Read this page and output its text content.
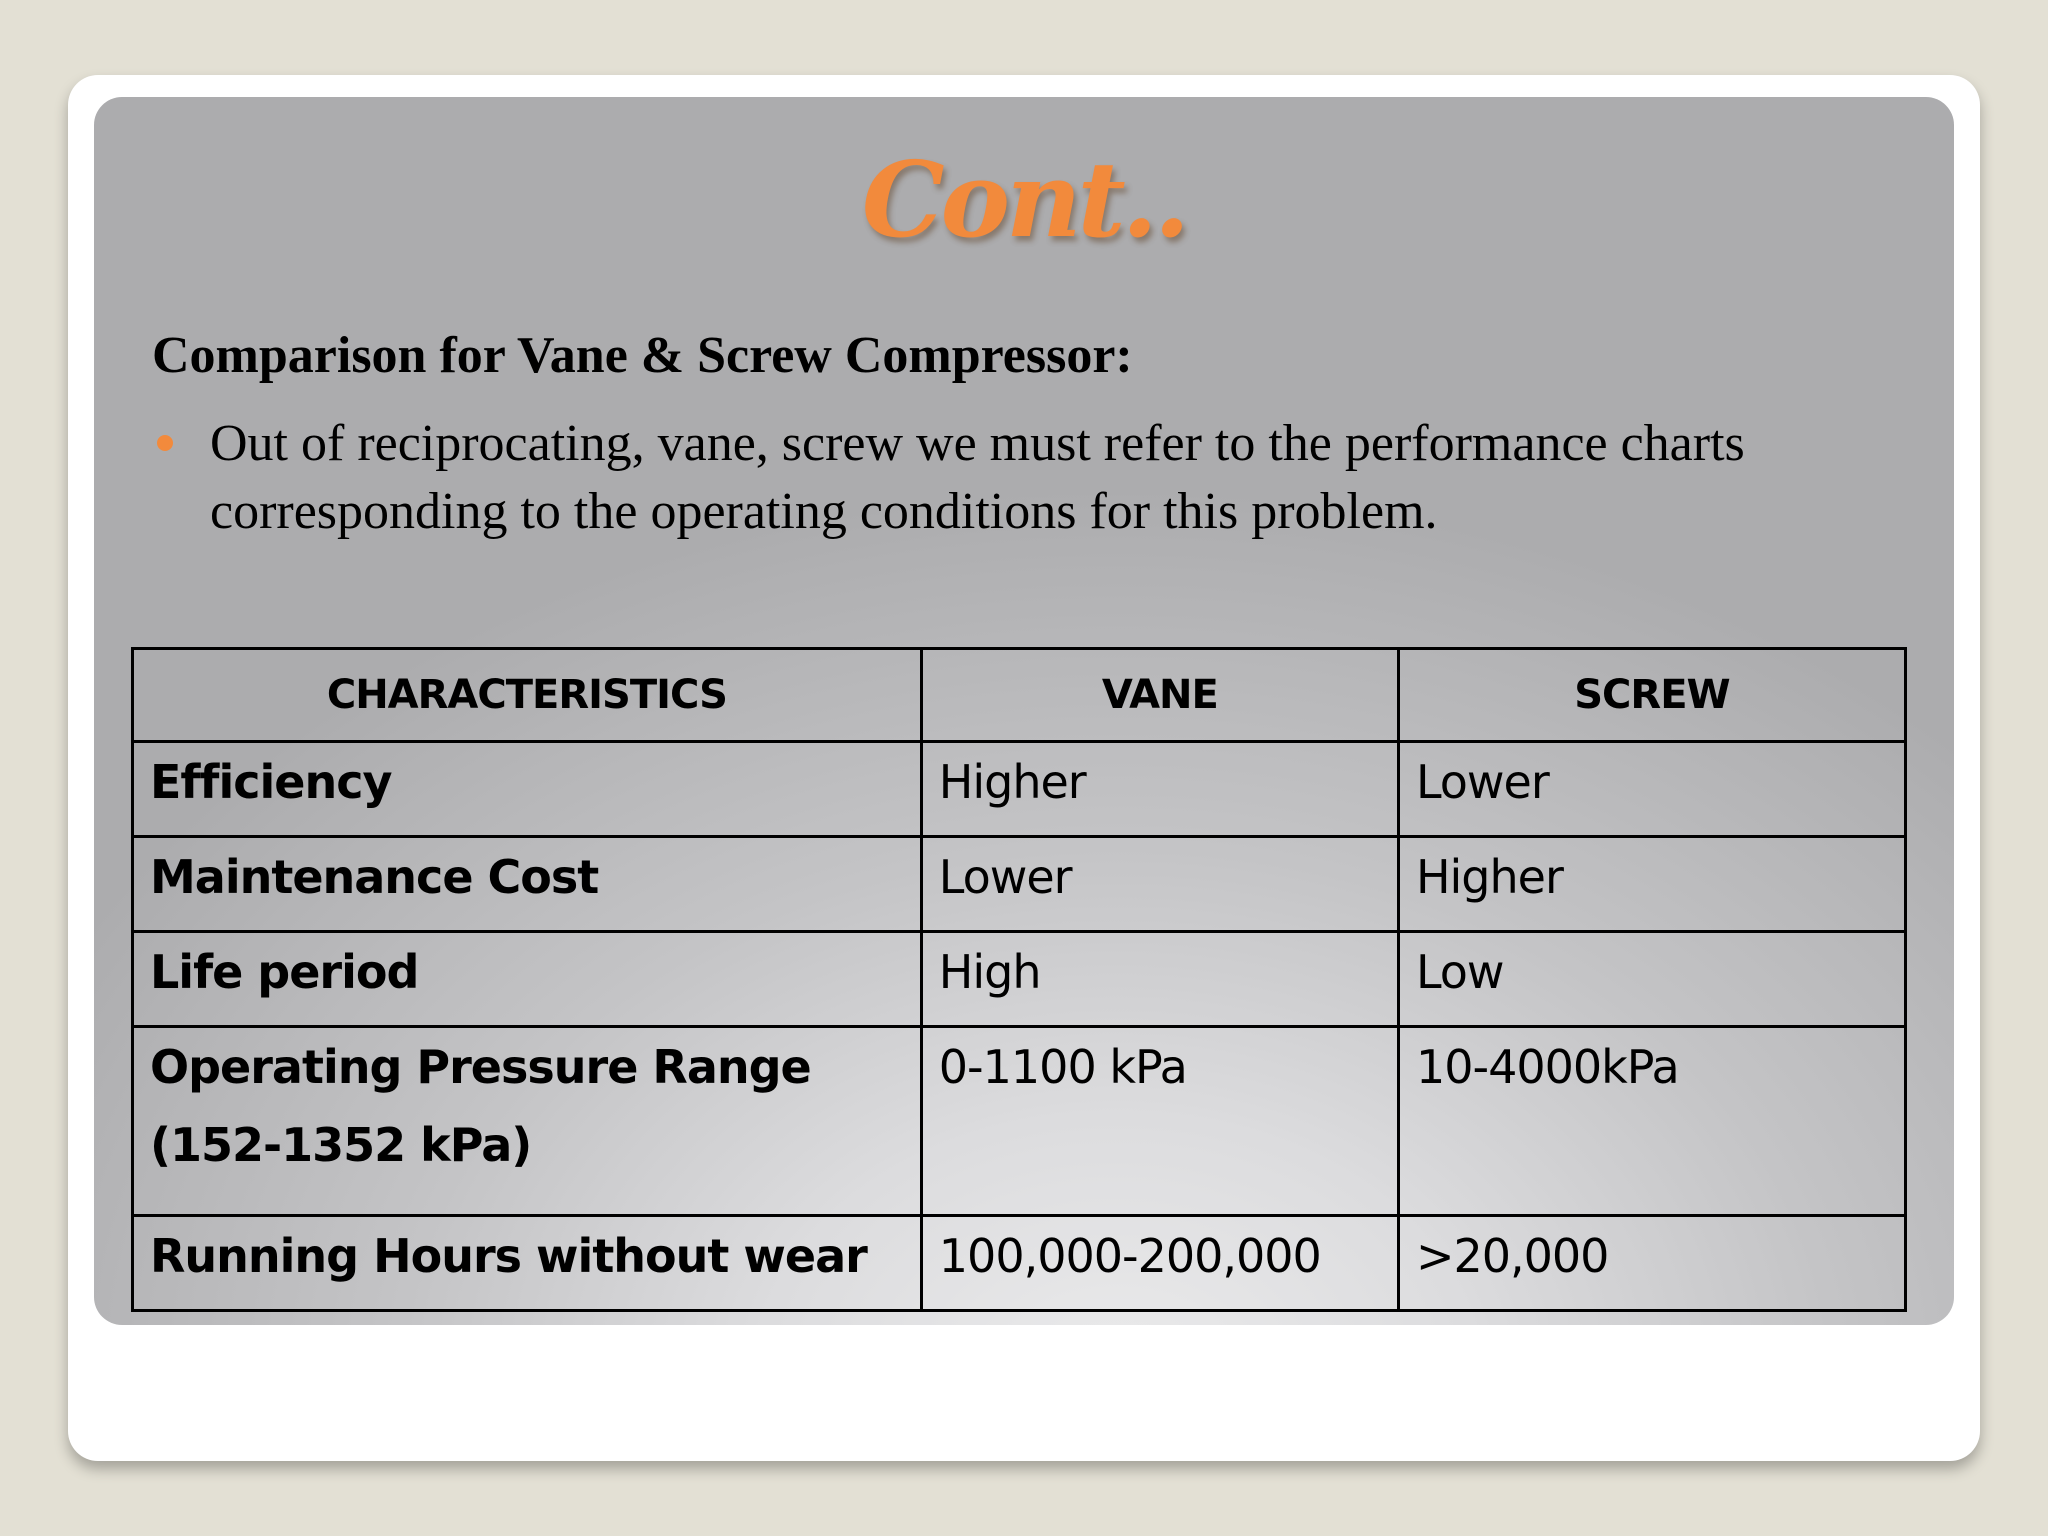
Cont..
Comparison for Vane & Screw Compressor:
Out of reciprocating, vane, screw we must refer to the performance charts corresponding to the operating conditions for this problem.
CHARACTERISTICS	VANE	SCREW
Efficiency	Higher	Lower
Maintenance Cost	Lower	Higher
Life period	High	Low
Operating Pressure Range (152-1352 kPa)	0-1100 kPa	10-4000kPa
Running Hours without wear	100,000-200,000	>20,000
